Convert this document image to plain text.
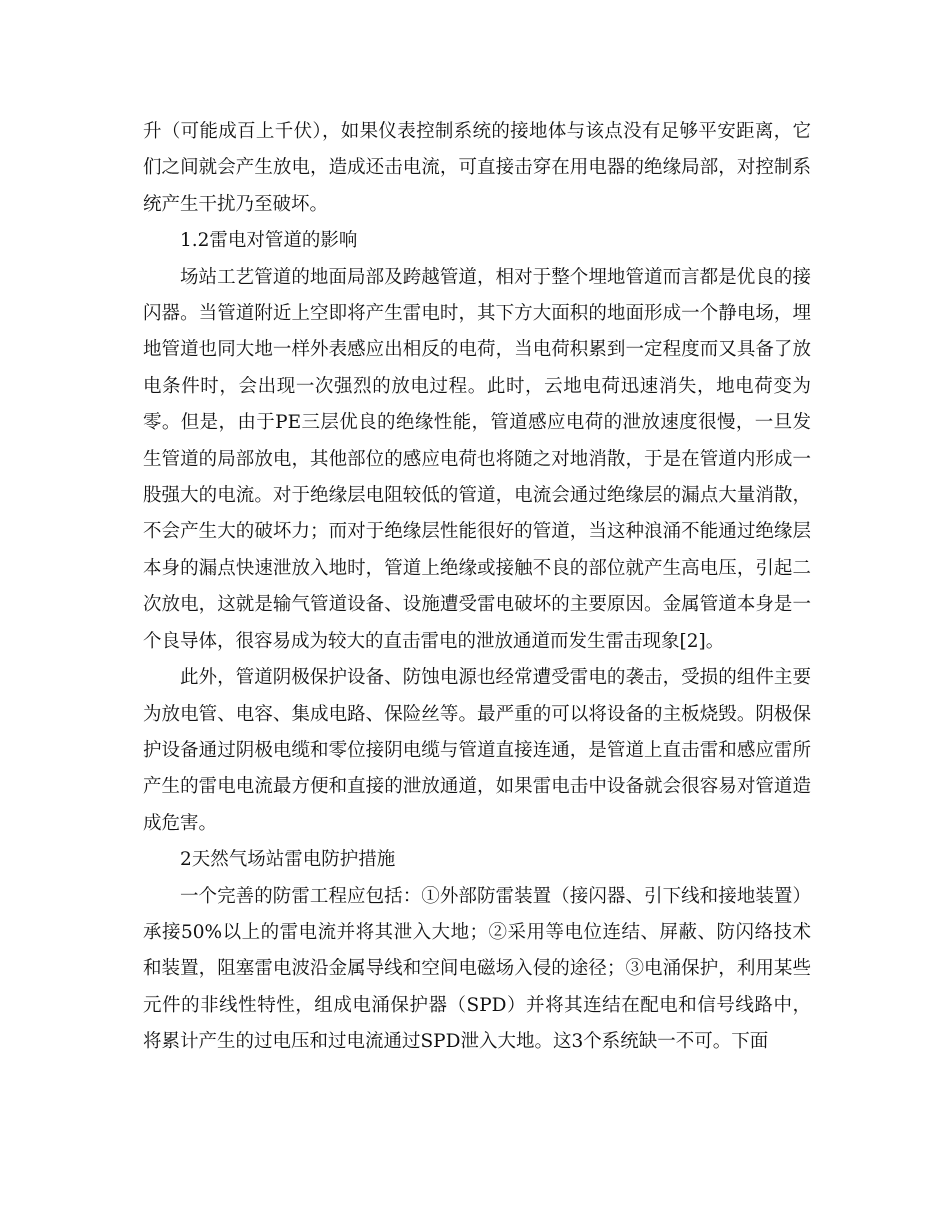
升（可能成百上千伏），如果仪表控制系统的接地体与该点没有足够平安距离，它们之间就会产生放电，造成还击电流，可直接击穿在用电器的绝缘局部，对控制系统产生干扰乃至破坏。

1.2雷电对管道的影响

场站工艺管道的地面局部及跨越管道，相对于整个埋地管道而言都是优良的接闪器。当管道附近上空即将产生雷电时，其下方大面积的地面形成一个静电场，埋地管道也同大地一样外表感应出相反的电荷，当电荷积累到一定程度而又具备了放电条件时，会出现一次强烈的放电过程。此时，云地电荷迅速消失，地电荷变为零。但是，由于PE三层优良的绝缘性能，管道感应电荷的泄放速度很慢，一旦发生管道的局部放电，其他部位的感应电荷也将随之对地消散，于是在管道内形成一股强大的电流。对于绝缘层电阻较低的管道，电流会通过绝缘层的漏点大量消散，不会产生大的破坏力；而对于绝缘层性能很好的管道，当这种浪涌不能通过绝缘层本身的漏点快速泄放入地时，管道上绝缘或接触不良的部位就产生高电压，引起二次放电，这就是输气管道设备、设施遭受雷电破坏的主要原因。金属管道本身是一个良导体，很容易成为较大的直击雷电的泄放通道而发生雷击现象[2]。

此外，管道阴极保护设备、防蚀电源也经常遭受雷电的袭击，受损的组件主要为放电管、电容、集成电路、保险丝等。最严重的可以将设备的主板烧毁。阴极保护设备通过阴极电缆和零位接阴电缆与管道直接连通，是管道上直击雷和感应雷所产生的雷电电流最方便和直接的泄放通道，如果雷电击中设备就会很容易对管道造成危害。

2天然气场站雷电防护措施

一个完善的防雷工程应包括：①外部防雷装置（接闪器、引下线和接地装置）承接50%以上的雷电流并将其泄入大地；②采用等电位连结、屏蔽、防闪络技术和装置，阻塞雷电波沿金属导线和空间电磁场入侵的途径；③电涌保护，利用某些元件的非线性特性，组成电涌保护器（SPD）并将其连结在配电和信号线路中，将累计产生的过电压和过电流通过SPD泄入大地。这3个系统缺一不可。下面
